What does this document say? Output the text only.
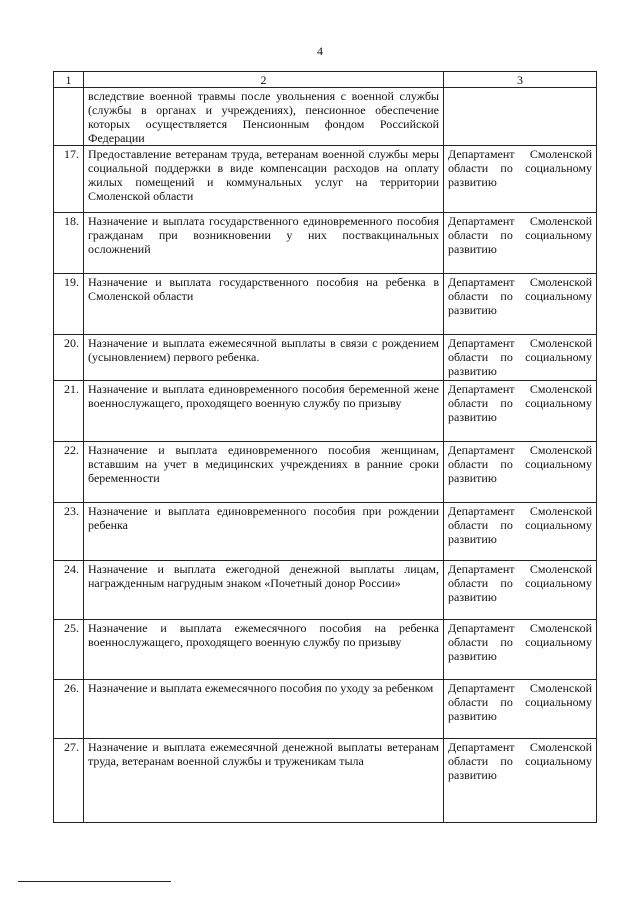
4
1	2	3
	вследствие военной травмы после увольнения с военной службы (службы в органах и учреждениях), пенсионное обеспечение которых осуществляется Пенсионным фондом Российской Федерации	
17.	Предоставление ветеранам труда, ветеранам военной службы меры социальной поддержки в виде компенсации расходов на оплату жилых помещений и коммунальных услуг на территории Смоленской области	Департамент Смоленской области по социальному развитию
18.	Назначение и выплата государственного единовременного пособия гражданам при возникновении у них поствакцинальных осложнений	Департамент Смоленской области по социальному развитию
19.	Назначение и выплата государственного пособия на ребенка в Смоленской области	Департамент Смоленской области по социальному развитию
20.	Назначение и выплата ежемесячной выплаты в связи с рождением (усыновлением) первого ребенка.	Департамент Смоленской области по социальному развитию
21.	Назначение и выплата единовременного пособия беременной жене военнослужащего, проходящего военную службу по призыву	Департамент Смоленской области по социальному развитию
22.	Назначение и выплата единовременного пособия женщинам, вставшим на учет в медицинских учреждениях в ранние сроки беременности	Департамент Смоленской области по социальному развитию
23.	Назначение и выплата единовременного пособия при рождении ребенка	Департамент Смоленской области по социальному развитию
24.	Назначение и выплата ежегодной денежной выплаты лицам, награжденным нагрудным знаком «Почетный донор России»	Департамент Смоленской области по социальному развитию
25.	Назначение и выплата ежемесячного пособия на ребенка военнослужащего, проходящего военную службу по призыву	Департамент Смоленской области по социальному развитию
26.	Назначение и выплата ежемесячного пособия по уходу за ребенком	Департамент Смоленской области по социальному развитию
27.	Назначение и выплата ежемесячной денежной выплаты ветеранам труда, ветеранам военной службы и труженикам тыла	Департамент Смоленской области по социальному развитию
